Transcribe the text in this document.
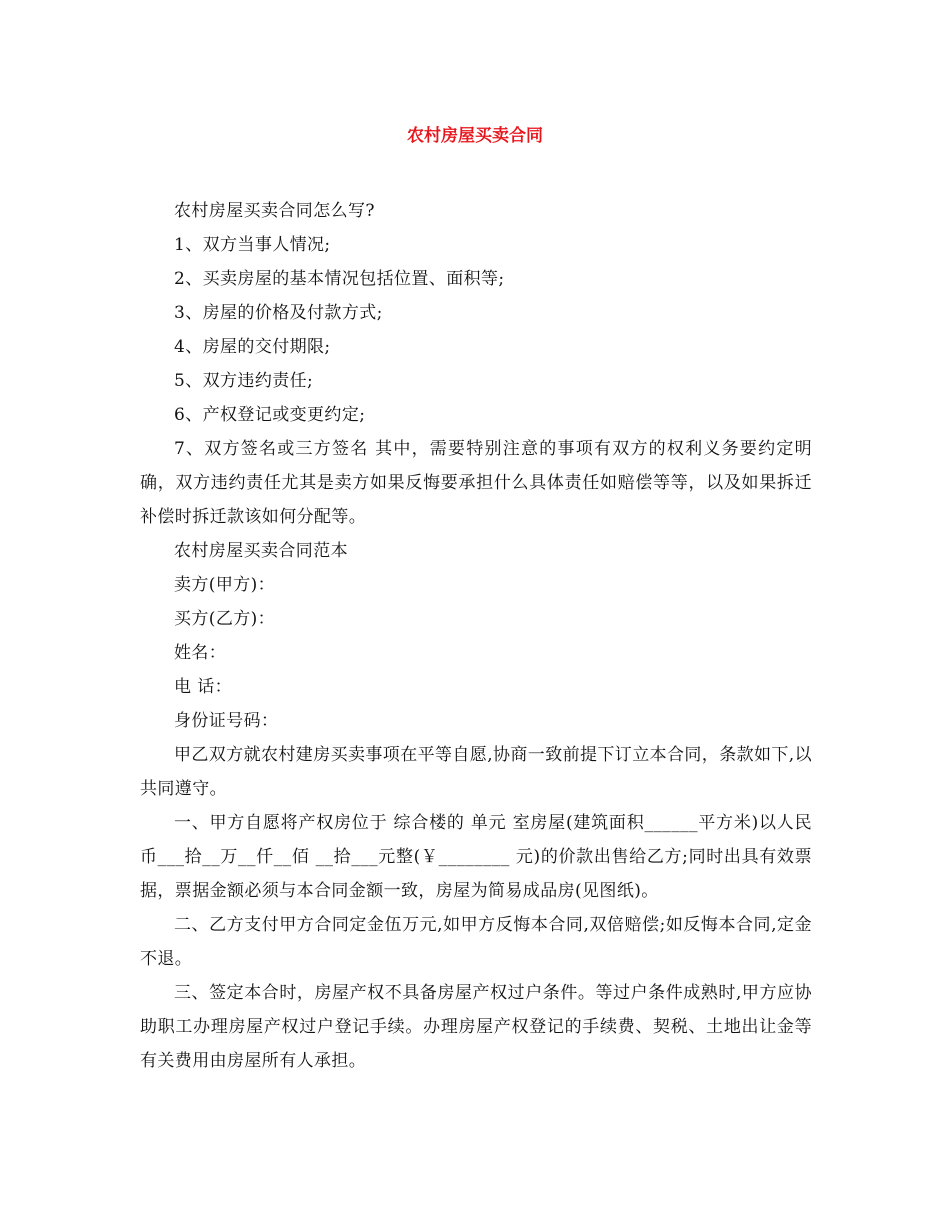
农村房屋买卖合同

农村房屋买卖合同怎么写?

1、双方当事人情况;

2、买卖房屋的基本情况包括位置、面积等;

3、房屋的价格及付款方式;

4、房屋的交付期限;

5、双方违约责任;

6、产权登记或变更约定;

7、双方签名或三方签名 其中，需要特别注意的事项有双方的权利义务要约定明确，双方违约责任尤其是卖方如果反悔要承担什么具体责任如赔偿等等，以及如果拆迁补偿时拆迁款该如何分配等。

农村房屋买卖合同范本

卖方(甲方)：

买方(乙方)：

姓名：

电 话：

身份证号码：

甲乙双方就农村建房买卖事项在平等自愿,协商一致前提下订立本合同，条款如下,以共同遵守。

一、甲方自愿将产权房位于 综合楼的 单元 室房屋(建筑面积______平方米)以人民币___拾__万__仟__佰 __拾___元整(￥________ 元)的价款出售给乙方;同时出具有效票据，票据金额必须与本合同金额一致，房屋为简易成品房(见图纸)。

二、乙方支付甲方合同定金伍万元,如甲方反悔本合同,双倍赔偿;如反悔本合同,定金不退。

三、签定本合时，房屋产权不具备房屋产权过户条件。等过户条件成熟时,甲方应协助职工办理房屋产权过户登记手续。办理房屋产权登记的手续费、契税、土地出让金等有关费用由房屋所有人承担。
